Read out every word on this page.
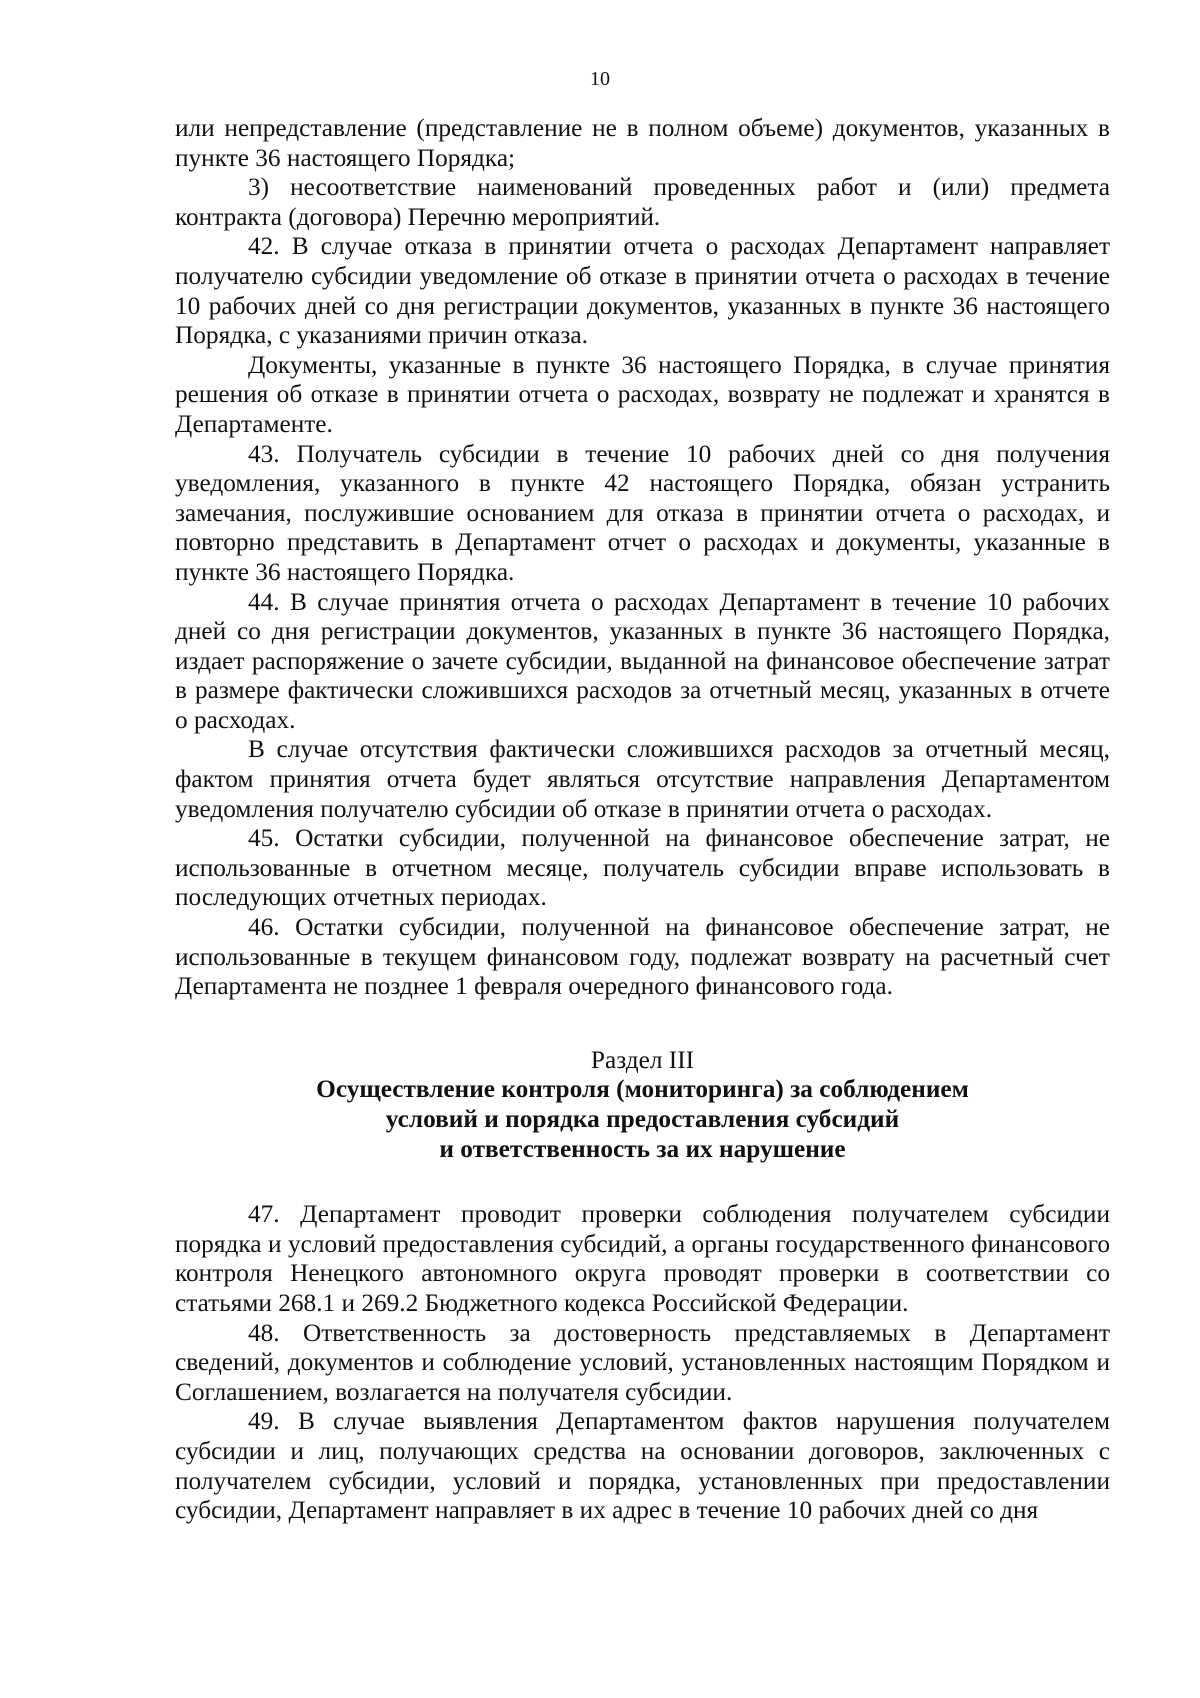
10

или непредставление (представление не в полном объеме) документов, указанных в пункте 36 настоящего Порядка;

3) несоответствие наименований проведенных работ и (или) предмета контракта (договора) Перечню мероприятий.

42. В случае отказа в принятии отчета о расходах Департамент направляет получателю субсидии уведомление об отказе в принятии отчета о расходах в течение 10 рабочих дней со дня регистрации документов, указанных в пункте 36 настоящего Порядка, с указаниями причин отказа.

Документы, указанные в пункте 36 настоящего Порядка, в случае принятия решения об отказе в принятии отчета о расходах, возврату не подлежат и хранятся в Департаменте.

43. Получатель субсидии в течение 10 рабочих дней со дня получения уведомления, указанного в пункте 42 настоящего Порядка, обязан устранить замечания, послужившие основанием для отказа в принятии отчета о расходах, и повторно представить в Департамент отчет о расходах и документы, указанные в пункте 36 настоящего Порядка.

44. В случае принятия отчета о расходах Департамент в течение 10 рабочих дней со дня регистрации документов, указанных в пункте 36 настоящего Порядка, издает распоряжение о зачете субсидии, выданной на финансовое обеспечение затрат в размере фактически сложившихся расходов за отчетный месяц, указанных в отчете о расходах.

В случае отсутствия фактически сложившихся расходов за отчетный месяц, фактом принятия отчета будет являться отсутствие направления Департаментом уведомления получателю субсидии об отказе в принятии отчета о расходах.

45. Остатки субсидии, полученной на финансовое обеспечение затрат, не использованные в отчетном месяце, получатель субсидии вправе использовать в последующих отчетных периодах.

46. Остатки субсидии, полученной на финансовое обеспечение затрат, не использованные в текущем финансовом году, подлежат возврату на расчетный счет Департамента не позднее 1 февраля очередного финансового года.

Раздел III
Осуществление контроля (мониторинга) за соблюдением
условий и порядка предоставления субсидий
и ответственность за их нарушение

47. Департамент проводит проверки соблюдения получателем субсидии порядка и условий предоставления субсидий, а органы государственного финансового контроля Ненецкого автономного округа проводят проверки в соответствии со статьями 268.1 и 269.2 Бюджетного кодекса Российской Федерации.

48. Ответственность за достоверность представляемых в Департамент сведений, документов и соблюдение условий, установленных настоящим Порядком и Соглашением, возлагается на получателя субсидии.

49. В случае выявления Департаментом фактов нарушения получателем субсидии и лиц, получающих средства на основании договоров, заключенных с получателем субсидии, условий и порядка, установленных при предоставлении субсидии, Департамент направляет в их адрес в течение 10 рабочих дней со дня
